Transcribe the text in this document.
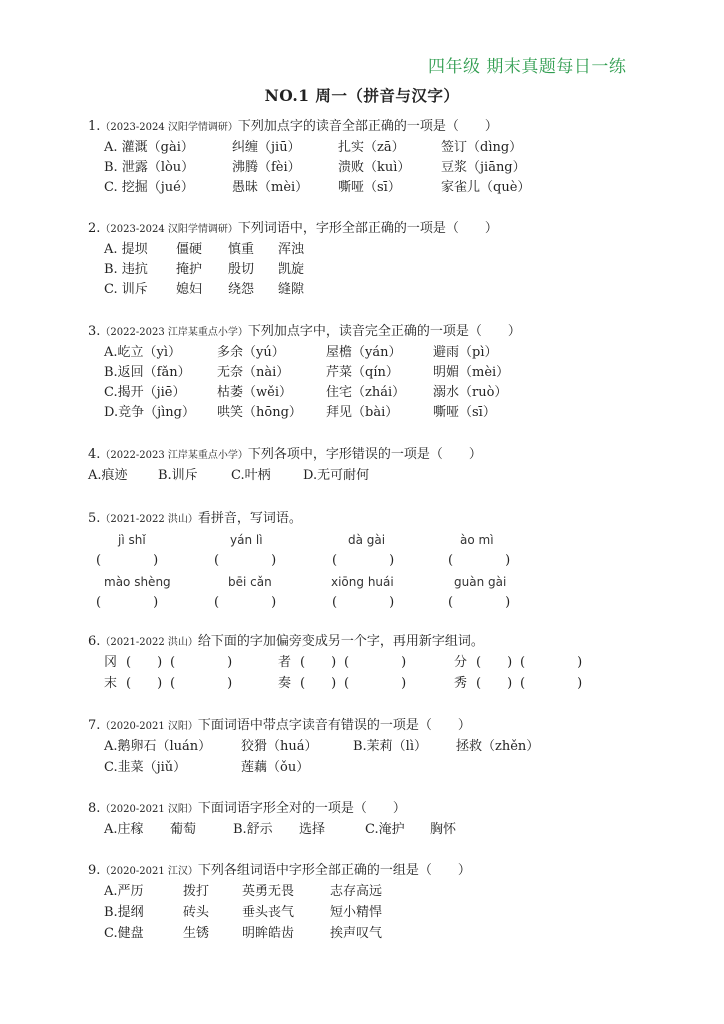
四年级 期末真题每日一练
NO.1 周一（拼音与汉字）
1.（2023-2024 汉阳学情调研）下列加点字的读音全部正确的一项是（　　）
A. 灌溉（gài）	纠缠（jiū）	扎实（zā）	签订（dìng）
B. 泄露（lòu）	沸腾（fèi）	溃败（kuì） 豆浆（jiāng）
C. 挖掘（jué）	愚昧（mèi） 嘶哑（sī）	家雀儿（què）
2.（2023-2024 汉阳学情调研）下列词语中，字形全部正确的一项是（　　）
A. 提坝 僵硬 慎重 浑浊
B. 违抗 掩护 殷切 凯旋
C. 训斥 媳妇 绕怨 缝隙
3.（2022-2023 江岸某重点小学）下列加点字中，读音完全正确的一项是（　　）
A.屹立（yì）	多余（yú）	屋檐（yán） 避雨（pì）
B.返回（fǎn） 无奈（nài）	芹菜（qín）	明媚（mèi）
C.揭开（jiē） 枯萎（wěi）	住宅（zhái） 溺水（ruò）
D.竞争（jìng） 哄笑（hōng） 拜见（bài）	嘶哑（sī）
4.（2022-2023 江岸某重点小学）下列各项中，字形错误的一项是（　　）
A.痕迹 B.训斥	C.叶柄 D.无可耐何
5.（2021-2022 洪山）看拼音，写词语。
jì shǐ	yán lì	dà gài	ào mì
(　　　　)	(　　　　)	(　　　　)	(　　　　)
mào shèng	bēi cǎn	xiōng huái	guàn gài
(　　　　)	(　　　　)	(　　　　)	(　　　　)
6.（2021-2022 洪山）给下面的字加偏旁变成另一个字，再用新字组词。
冈 (　　) (　　　　)	者 (　　) (　　　　)	分 (　　) (　　　　)
末 (　　) (　　　　)	奏 (　　) (　　　　)	秀 (　　) (　　　　)
7.（2020-2021 汉阳）下面词语中带点字读音有错误的一项是（　　）
A.鹅卵石（luán） 狡猾（huá）	B.茉莉（lì） 拯救（zhěn）
C.韭菜（jiǔ）	莲藕（ǒu）
8.（2020-2021 汉阳）下面词语字形全对的一项是（　　）
A.庄稼 葡萄	B.舒示 选择	C.淹护 胸怀
9.（2020-2021 江汉）下列各组词语中字形全部正确的一组是（　　）
A.严历	拨打	英勇无畏	志存高远
B.提纲	砖头	垂头丧气	短小精悍
C.健盘	生锈	明眸皓齿	挨声叹气
